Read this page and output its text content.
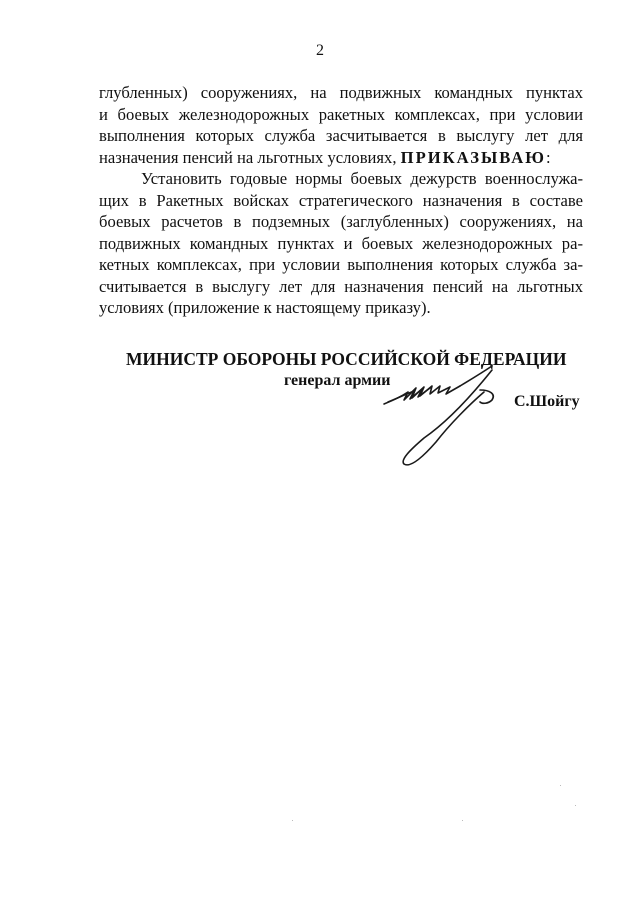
2
глубленных) сооружениях, на подвижных командных пунктах
и боевых железнодорожных ракетных комплексах, при условии
выполнения которых служба засчитывается в выслугу лет для
назначения пенсий на льготных условиях, ПРИКАЗЫВАЮ:
Установить годовые нормы боевых дежурств военнослужа-
щих в Ракетных войсках стратегического назначения в составе
боевых расчетов в подземных (заглубленных) сооружениях, на
подвижных командных пунктах и боевых железнодорожных ра-
кетных комплексах, при условии выполнения которых служба за-
считывается в выслугу лет для назначения пенсий на льготных
условиях (приложение к настоящему приказу).
МИНИСТР ОБОРОНЫ РОССИЙСКОЙ ФЕДЕРАЦИИ
генерал армии
С.Шойгу
